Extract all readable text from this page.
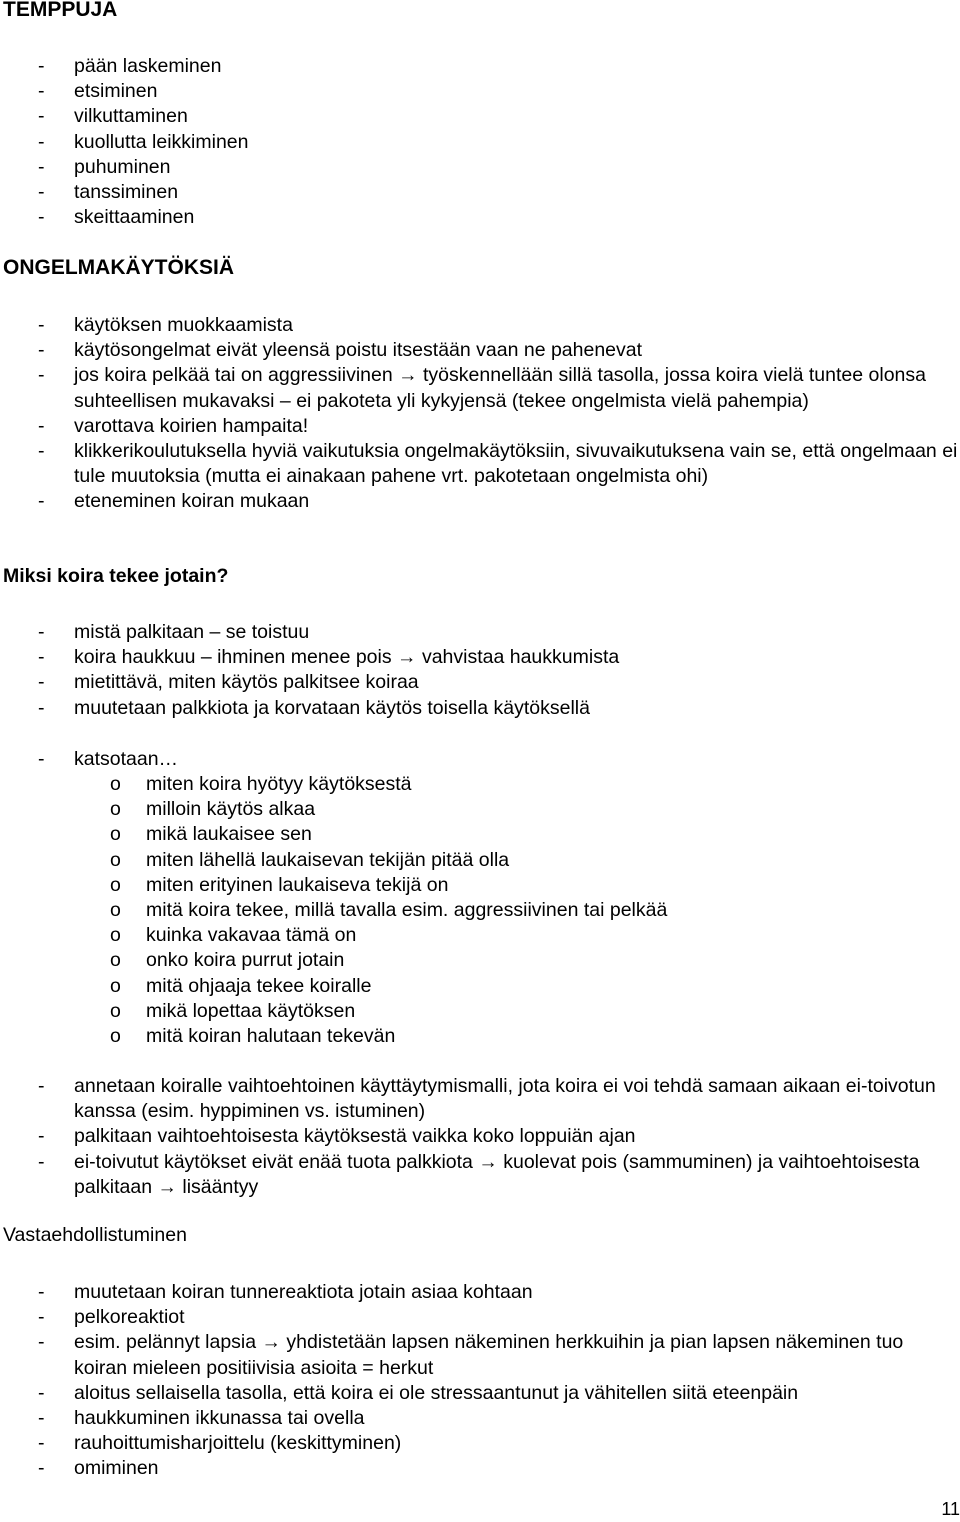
TEMPPUJA
- pään laskeminen
- etsiminen
- vilkuttaminen
- kuollutta leikkiminen
- puhuminen
- tanssiminen
- skeittaaminen
ONGELMAKÄYTÖKSIÄ
- käytöksen muokkaamista
- käytösongelmat eivät yleensä poistu itsestään vaan ne pahenevat
- jos koira pelkää tai on aggressiivinen → työskennellään sillä tasolla, jossa koira vielä tuntee olonsa suhteellisen mukavaksi – ei pakoteta yli kykyjensä (tekee ongelmista vielä pahempia)
- varottava koirien hampaita!
- klikkerikoulutuksella hyviä vaikutuksia ongelmakäytöksiin, sivuvaikutuksena vain se, että ongelmaan ei tule muutoksia (mutta ei ainakaan pahene vrt. pakotetaan ongelmista ohi)
- eteneminen koiran mukaan
Miksi koira tekee jotain?
- mistä palkitaan – se toistuu
- koira haukkuu – ihminen menee pois → vahvistaa haukkumista
- mietittävä, miten käytös palkitsee koiraa
- muutetaan palkkiota ja korvataan käytös toisella käytöksellä
- katsotaan…
o miten koira hyötyy käytöksestä
o milloin käytös alkaa
o mikä laukaisee sen
o miten lähellä laukaisevan tekijän pitää olla
o miten erityinen laukaiseva tekijä on
o mitä koira tekee, millä tavalla esim. aggressiivinen tai pelkää
o kuinka vakavaa tämä on
o onko koira purrut jotain
o mitä ohjaaja tekee koiralle
o mikä lopettaa käytöksen
o mitä koiran halutaan tekevän
- annetaan koiralle vaihtoehtoinen käyttäytymismalli, jota koira ei voi tehdä samaan aikaan ei-toivotun kanssa (esim. hyppiminen vs. istuminen)
- palkitaan vaihtoehtoisesta käytöksestä vaikka koko loppuiän ajan
- ei-toivutut käytökset eivät enää tuota palkkiota → kuolevat pois (sammuminen) ja vaihtoehtoisesta palkitaan → lisääntyy
Vastaehdollistuminen
- muutetaan koiran tunnereaktiota jotain asiaa kohtaan
- pelkoreaktiot
- esim. pelännyt lapsia → yhdistetään lapsen näkeminen herkkuihin ja pian lapsen näkeminen tuo koiran mieleen positiivisia asioita = herkut
- aloitus sellaisella tasolla, että koira ei ole stressaantunut ja vähitellen siitä eteenpäin
- haukkuminen ikkunassa tai ovella
- rauhoittumisharjoittelu (keskittyminen)
- omiminen
11
